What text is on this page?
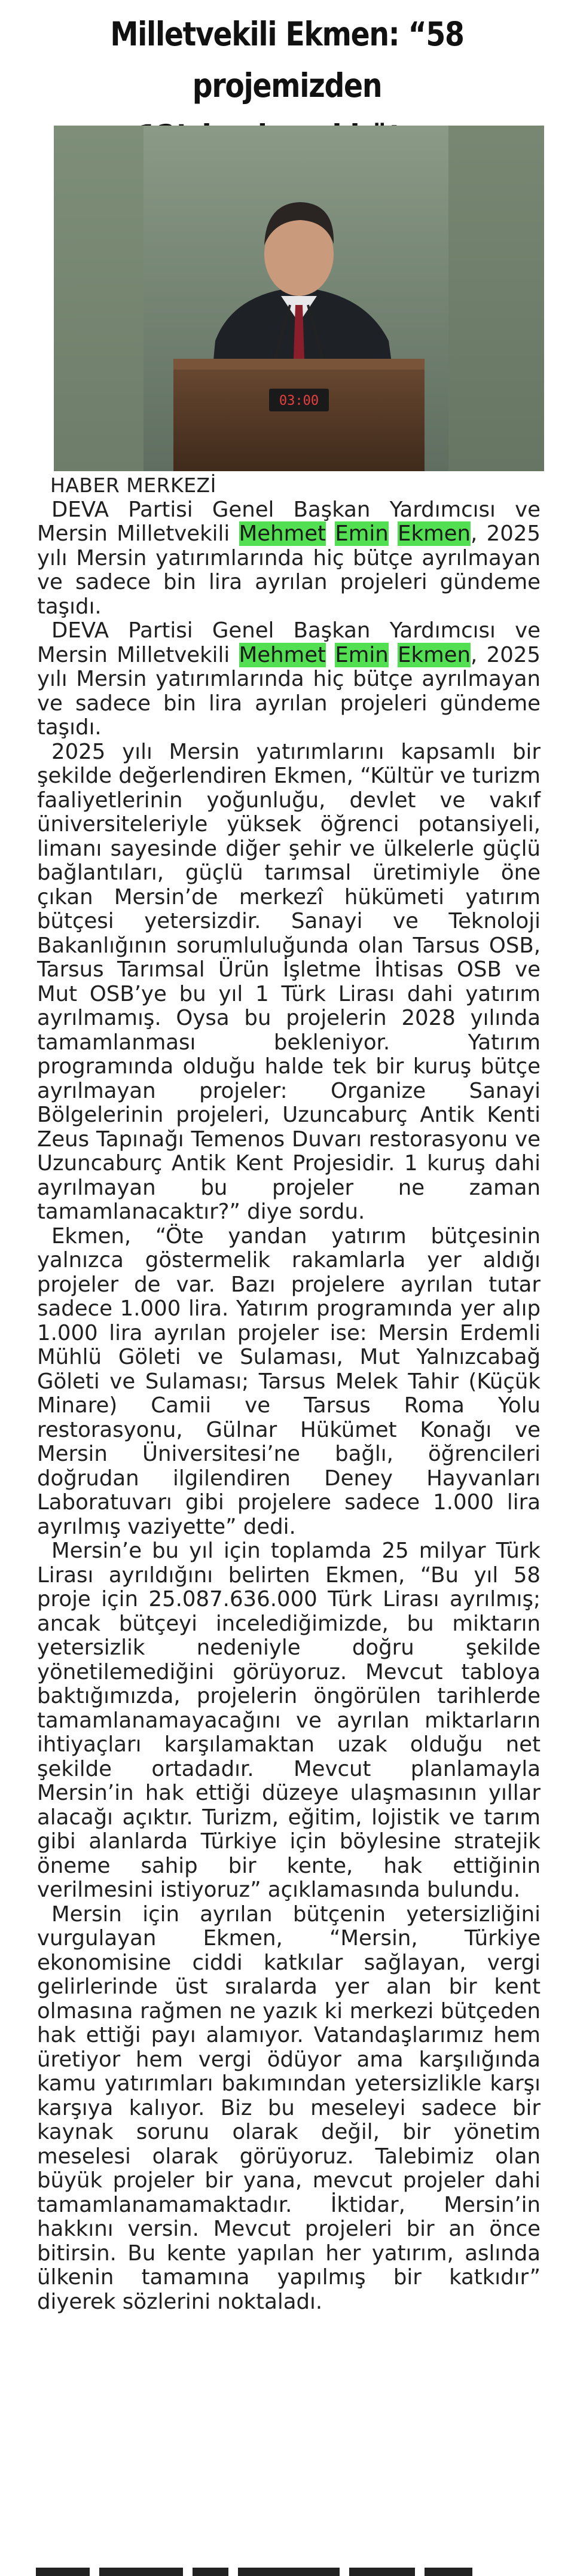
Milletvekili Ekmen: “58 projemizden
03:00

HABER MERKEZİ

DEVA Partisi Genel Başkan Yardımcısı ve Mersin Milletvekili Mehmet Emin Ekmen, 2025 yılı Mersin yatırımlarında hiç bütçe ayrılmayan ve sadece bin lira ayrılan projeleri gündeme taşıdı.

DEVA Partisi Genel Başkan Yardımcısı ve Mersin Milletvekili Mehmet Emin Ekmen, 2025 yılı Mersin yatırımlarında hiç bütçe ayrılmayan ve sadece bin lira ayrılan projeleri gündeme taşıdı.

2025 yılı Mersin yatırımlarını kapsamlı bir şekilde değerlendiren Ekmen, “Kültür ve turizm faaliyetlerinin yoğunluğu, devlet ve vakıf üniversiteleriyle yüksek öğrenci potansiyeli, limanı sayesinde diğer şehir ve ülkelerle güçlü bağlantıları, güçlü tarımsal üretimiyle öne çıkan Mersin’de merkezî hükümeti yatırım bütçesi yetersizdir. Sanayi ve Teknoloji Bakanlığının sorumluluğunda olan Tarsus OSB, Tarsus Tarımsal Ürün İşletme İhtisas OSB ve Mut OSB’ye bu yıl 1 Türk Lirası dahi yatırım ayrılmamış. Oysa bu projelerin 2028 yılında tamamlanması bekleniyor. Yatırım programında olduğu halde tek bir kuruş bütçe ayrılmayan projeler: Organize Sanayi Bölgelerinin projeleri, Uzuncaburç Antik Kenti Zeus Tapınağı Temenos Duvarı restorasyonu ve Uzuncaburç Antik Kent Projesidir. 1 kuruş dahi ayrılmayan bu projeler ne zaman tamamlanacaktır?” diye sordu.

Ekmen, “Öte yandan yatırım bütçesinin yalnızca göstermelik rakamlarla yer aldığı projeler de var. Bazı projelere ayrılan tutar sadece 1.000 lira. Yatırım programında yer alıp 1.000 lira ayrılan projeler ise: Mersin Erdemli Mühlü Göleti ve Sulaması, Mut Yalnızcabağ Göleti ve Sulaması; Tarsus Melek Tahir (Küçük Minare) Camii ve Tarsus Roma Yolu restorasyonu, Gülnar Hükümet Konağı ve Mersin Üniversitesi’ne bağlı, öğrencileri doğrudan ilgilendiren Deney Hayvanları Laboratuvarı gibi projelere sadece 1.000 lira ayrılmış vaziyette” dedi.

Mersin’e bu yıl için toplamda 25 milyar Türk Lirası ayrıldığını belirten Ekmen, “Bu yıl 58 proje için 25.087.636.000 Türk Lirası ayrılmış; ancak bütçeyi incelediğimizde, bu miktarın yetersizlik nedeniyle doğru şekilde yönetilemediğini görüyoruz. Mevcut tabloya baktığımızda, projelerin öngörülen tarihlerde tamamlanamayacağını ve ayrılan miktarların ihtiyaçları karşılamaktan uzak olduğu net şekilde ortadadır. Mevcut planlamayla Mersin’in hak ettiği düzeye ulaşmasının yıllar alacağı açıktır. Turizm, eğitim, lojistik ve tarım gibi alanlarda Türkiye için böylesine stratejik öneme sahip bir kente, hak ettiğinin verilmesini istiyoruz” açıklamasında bulundu.

Mersin için ayrılan bütçenin yetersizliğini vurgulayan Ekmen, “Mersin, Türkiye ekonomisine ciddi katkılar sağlayan, vergi gelirlerinde üst sıralarda yer alan bir kent olmasına rağmen ne yazık ki merkezi bütçeden hak ettiği payı alamıyor. Vatandaşlarımız hem üretiyor hem vergi ödüyor ama karşılığında kamu yatırımları bakımından yetersizlikle karşı karşıya kalıyor. Biz bu meseleyi sadece bir kaynak sorunu olarak değil, bir yönetim meselesi olarak görüyoruz. Talebimiz olan büyük projeler bir yana, mevcut projeler dahi tamamlanamamaktadır. İktidar, Mersin’in hakkını versin. Mevcut projeleri bir an önce bitirsin. Bu kente yapılan her yatırım, aslında ülkenin tamamına yapılmış bir katkıdır” diyerek sözlerini noktaladı.
